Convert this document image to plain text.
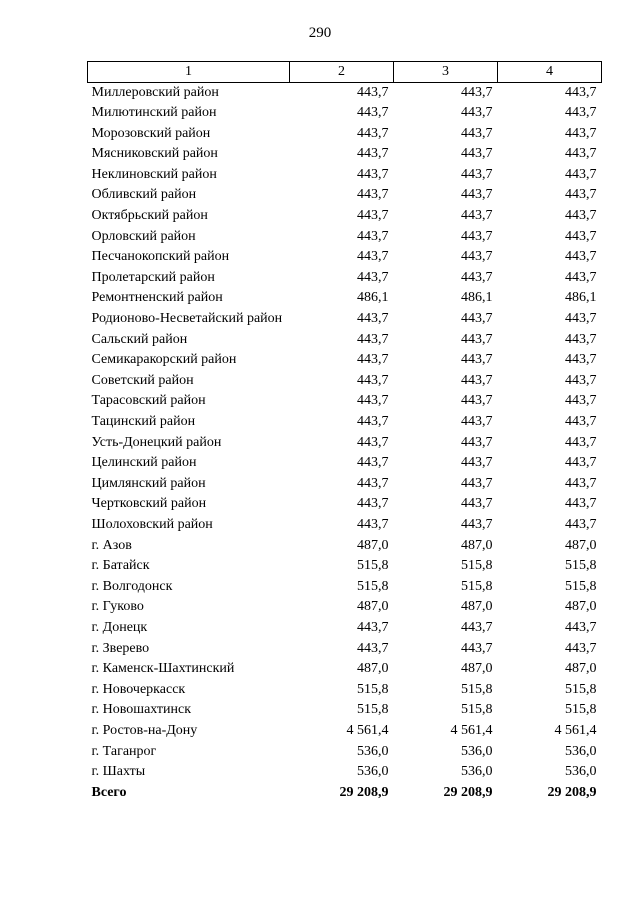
290
1	2	3	4
Миллеровский район	443,7	443,7	443,7
Милютинский район	443,7	443,7	443,7
Морозовский район	443,7	443,7	443,7
Мясниковский район	443,7	443,7	443,7
Неклиновский район	443,7	443,7	443,7
Обливский район	443,7	443,7	443,7
Октябрьский район	443,7	443,7	443,7
Орловский район	443,7	443,7	443,7
Песчанокопский район	443,7	443,7	443,7
Пролетарский район	443,7	443,7	443,7
Ремонтненский район	486,1	486,1	486,1
Родионово-Несветайский район	443,7	443,7	443,7
Сальский район	443,7	443,7	443,7
Семикаракорский район	443,7	443,7	443,7
Советский район	443,7	443,7	443,7
Тарасовский район	443,7	443,7	443,7
Тацинский район	443,7	443,7	443,7
Усть-Донецкий район	443,7	443,7	443,7
Целинский район	443,7	443,7	443,7
Цимлянский район	443,7	443,7	443,7
Чертковский район	443,7	443,7	443,7
Шолоховский район	443,7	443,7	443,7
г. Азов	487,0	487,0	487,0
г. Батайск	515,8	515,8	515,8
г. Волгодонск	515,8	515,8	515,8
г. Гуково	487,0	487,0	487,0
г. Донецк	443,7	443,7	443,7
г. Зверево	443,7	443,7	443,7
г. Каменск-Шахтинский	487,0	487,0	487,0
г. Новочеркасск	515,8	515,8	515,8
г. Новошахтинск	515,8	515,8	515,8
г. Ростов-на-Дону	4 561,4	4 561,4	4 561,4
г. Таганрог	536,0	536,0	536,0
г. Шахты	536,0	536,0	536,0
Всего	29 208,9	29 208,9	29 208,9
